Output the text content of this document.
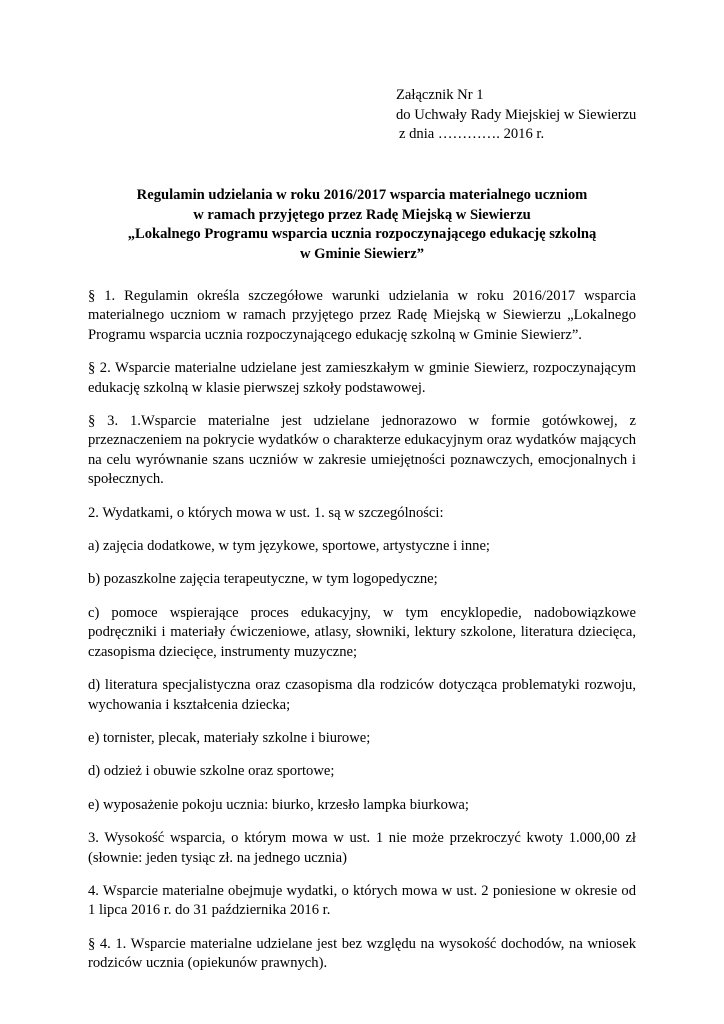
Załącznik Nr 1
do Uchwały Rady Miejskiej w Siewierzu
z dnia …………. 2016 r.
Regulamin udzielania w roku 2016/2017 wsparcia materialnego uczniom
w ramach przyjętego przez Radę Miejską w Siewierzu
„Lokalnego Programu wsparcia ucznia rozpoczynającego edukację szkolną
w Gminie Siewierz”

§ 1. Regulamin określa szczegółowe warunki udzielania w roku 2016/2017 wsparcia materialnego uczniom w ramach przyjętego przez Radę Miejską w Siewierzu „Lokalnego Programu wsparcia ucznia rozpoczynającego edukację szkolną w Gminie Siewierz”.

§ 2. Wsparcie materialne udzielane jest zamieszkałym w gminie Siewierz, rozpoczynającym edukację szkolną w klasie pierwszej szkoły podstawowej.

§ 3. 1.Wsparcie materialne jest udzielane jednorazowo w formie gotówkowej, z przeznaczeniem na pokrycie wydatków o charakterze edukacyjnym oraz wydatków mających na celu wyrównanie szans uczniów w zakresie umiejętności poznawczych, emocjonalnych i społecznych.

2. Wydatkami, o których mowa w ust. 1. są w szczególności:

a) zajęcia dodatkowe, w tym językowe, sportowe, artystyczne i inne;

b) pozaszkolne zajęcia terapeutyczne, w tym logopedyczne;

c) pomoce wspierające proces edukacyjny, w tym encyklopedie, nadobowiązkowe podręczniki i materiały ćwiczeniowe, atlasy, słowniki, lektury szkolone, literatura dziecięca, czasopisma dziecięce, instrumenty muzyczne;

d) literatura specjalistyczna oraz czasopisma dla rodziców dotycząca problematyki rozwoju, wychowania i kształcenia dziecka;

e) tornister, plecak, materiały szkolne i biurowe;

d) odzież i obuwie szkolne oraz sportowe;

e) wyposażenie pokoju ucznia: biurko, krzesło lampka biurkowa;

3. Wysokość wsparcia, o którym mowa w ust. 1 nie może przekroczyć kwoty 1.000,00 zł (słownie: jeden tysiąc zł. na jednego ucznia)

4. Wsparcie materialne obejmuje wydatki, o których mowa w ust. 2 poniesione w okresie od 1 lipca 2016 r. do 31 października 2016 r.

§ 4. 1. Wsparcie materialne udzielane jest bez względu na wysokość dochodów, na wniosek rodziców ucznia (opiekunów prawnych).
